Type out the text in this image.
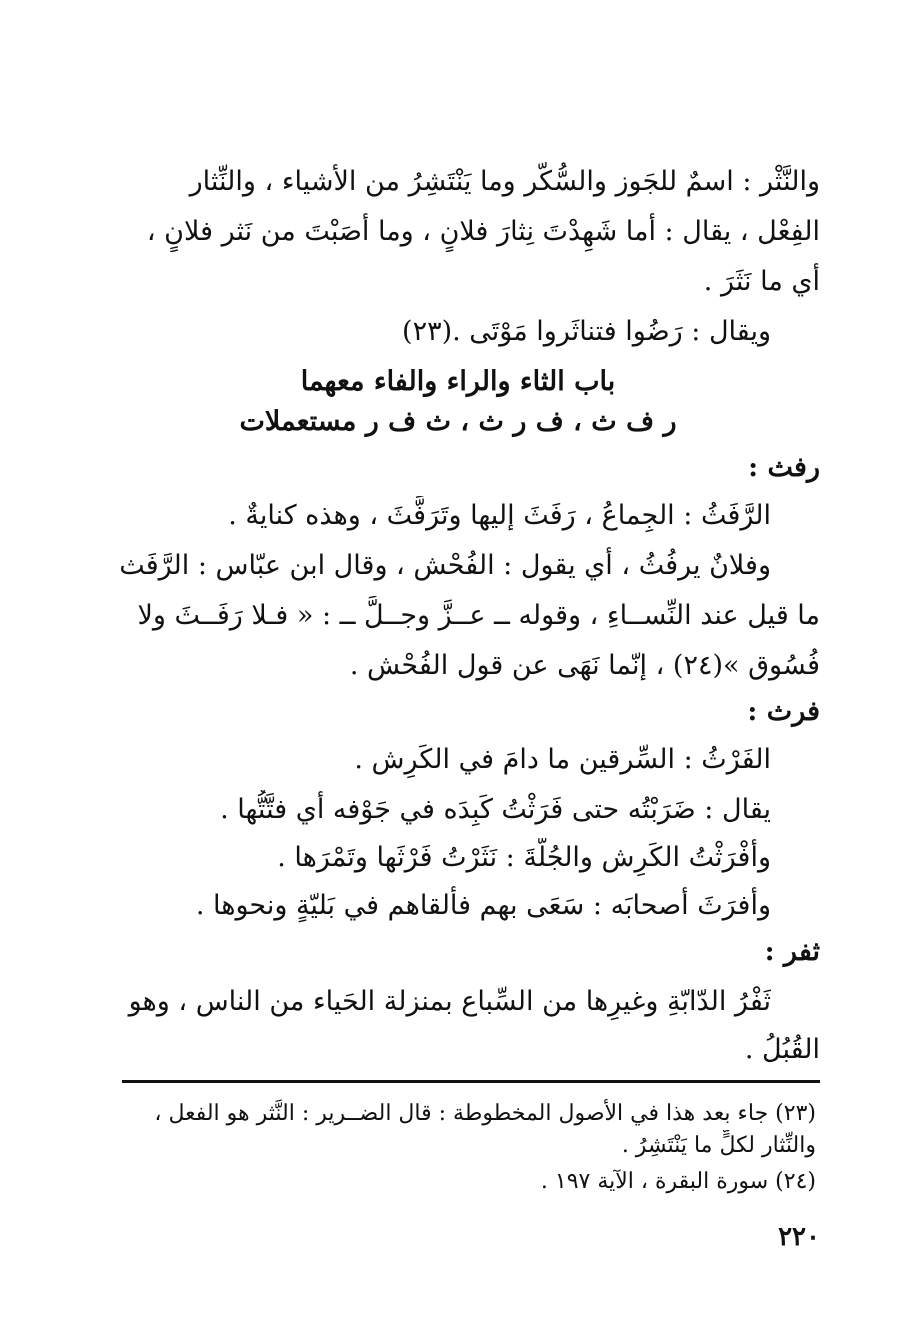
والنَّثْر : اسمٌ للجَوز والسُّكَّر وما يَنْتَشِرُ من الأشياء ، والنِّثار
الفِعْل ، يقال : أما شَهِدْتَ نِثارَ فلانٍ ، وما أَصَبْتَ من نَثر فلانٍ ،
أي ما نَثَرَ .
ويقال : رَضُوا فتناثَروا مَوْتَى .(٢٣)
باب الثاء والراء والفاء معهما
ر ف ث ، ف ر ث ، ث ف ر مستعملات
رفث :
الرَّفَثُ : الجِماعُ ، رَفَثَ إليها وتَرَفَّثَ ، وهذه كنايةٌ .
وفلانٌ يرفُثُ ، أي يقول : الفُحْش ، وقال ابن عبّاس : الرَّفَث
ما قيل عند النِّســاءِ ، وقوله ــ عــزَّ وجــلَّ ــ : « فـلا رَفَــثَ ولا
فُسُوق »(٢٤) ، إنّما نَهَى عن قول الفُحْش .
فرث :
الفَرْثُ : السِّرقين ما دامَ في الكَرِش .
يقال : ضَرَبْتُه حتى فَرَثْتُ كَبِدَه في جَوْفه أي فتَّتُّها .
وأفْرَثْتُ الكَرِش والجُلَّةَ : نَثَرْتُ فَرْثَها وتَمْرَها .
وأفرَثَ أصحابَه : سَعَى بهم فألقاهم في بَليّةٍ ونحوها .
ثفر :
ثَفْرُ الدّابّةِ وغيرِها من السِّباع بمنزلة الحَياء من الناس ، وهو
القُبُلُ .
(٢٣) جاء بعد هذا في الأصول المخطوطة : قال الضــرير : النَّثر هو الفعل ،
والنِّثار لكلٍّ ما يَنْتَشِرُ .
(٢٤) سورة البقرة ، الآية ١٩٧ .
٢٢٠
